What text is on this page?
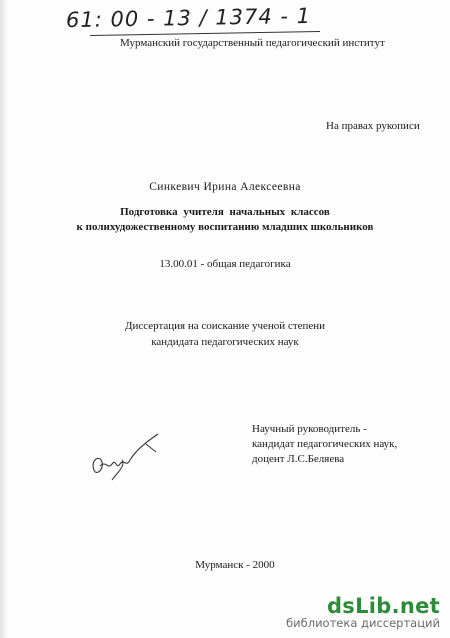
61: 00 - 13 / 1374 - 1
Мурманский государственный педагогический институт
На правах рукописи
Синкевич Ирина Алексеевна
Подготовка учителя начальных классов
к полихудожественному воспитанию младших школьников
13.00.01 - общая педагогика
Диссертация на соискание ученой степени
кандидата педагогических наук
Научный руководитель -
кандидат педагогических наук,
доцент Л.С.Беляева
Мурманск - 2000
dsLib.net
библиотека диссертаций
